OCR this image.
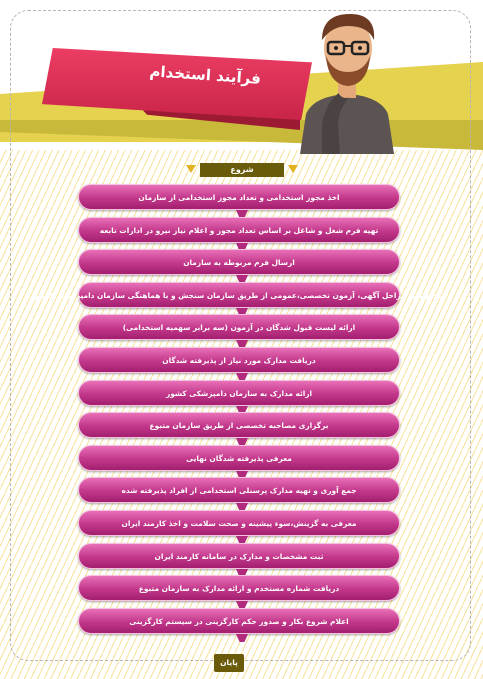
فرآیند استخدام
شروع
اخذ مجوز استخدامی و تعداد مجوز استخدامی از سازمان
تهیه فرم شغل و شاغل بر اساس تعداد مجوز و اعلام نیاز نیرو در ادارات تابعه
ارسال فرم مربوطه به سازمان
انجام کلیه مراحل آگهی، آزمون تخصصی،عمومی از طریق سازمان سنجش و با هماهنگی سازمان دامپزشکی کشور
ارائه لیست قبول شدگان در آزمون (سه برابر سهمیه استخدامی)
دریافت مدارک مورد نیاز از پذیرفته شدگان
ارائه مدارک به سازمان دامپزشکی کشور
برگزاری مصاحبه تخصصی از طریق سازمان متبوع
معرفی پذیرفته شدگان نهایی
جمع آوری و تهیه مدارک پرسنلی استخدامی از افراد پذیرفته شده
معرفی به گزینش،سوء پیشینه و صحت سلامت و اخذ کارمند ایران
ثبت مشخصات و مدارک در سامانه کارمند ایران
دریافت شماره مستخدم و ارائه مدارک به سازمان متبوع
اعلام شروع بکار و صدور حکم کارگزینی در سیستم کارگزینی
پایان
